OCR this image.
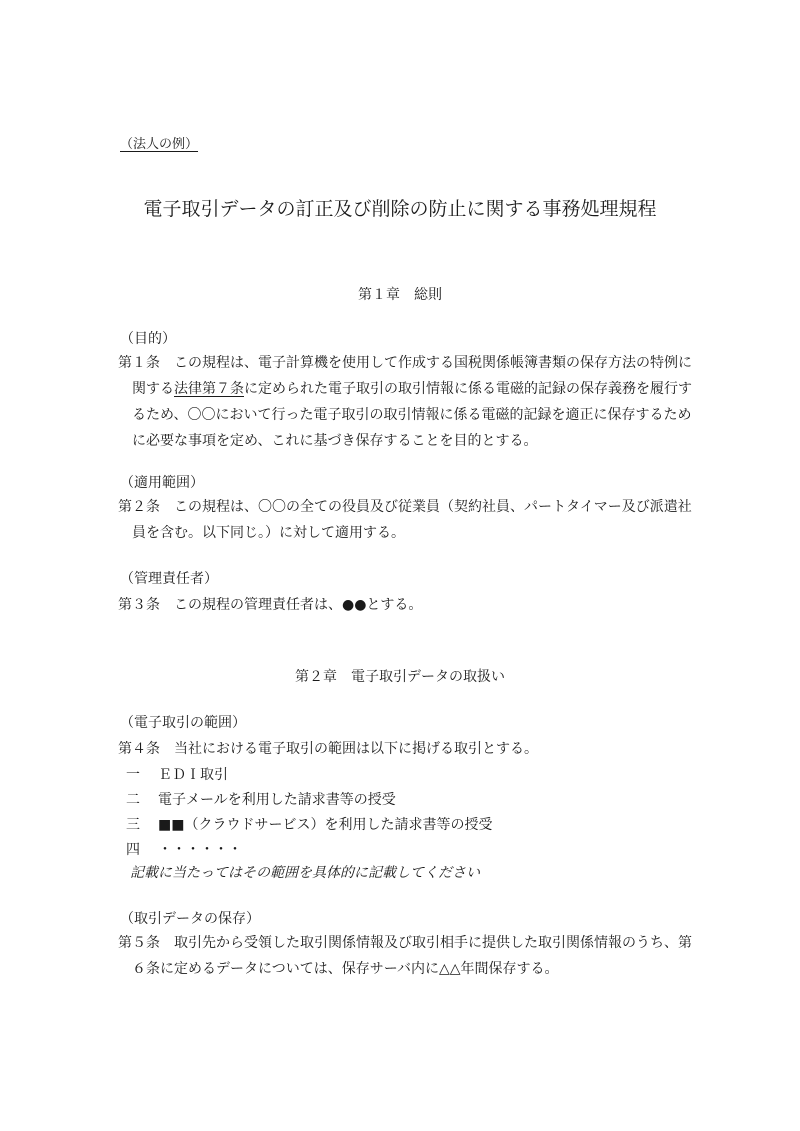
（法人の例）
電子取引データの訂正及び削除の防止に関する事務処理規程
第１章　総則
（目的）
第１条 この規程は、電子計算機を使用して作成する国税関係帳簿書類の保存方法の特例に関する法律第７条に定められた電子取引の取引情報に係る電磁的記録の保存義務を履行するため、〇〇において行った電子取引の取引情報に係る電磁的記録を適正に保存するために必要な事項を定め、これに基づき保存することを目的とする。
（適用範囲）
第２条 この規程は、〇〇の全ての役員及び従業員（契約社員、パートタイマー及び派遣社員を含む。以下同じ。）に対して適用する。
（管理責任者）
第３条 この規程の管理責任者は、●●とする。
第２章　電子取引データの取扱い
（電子取引の範囲）
第４条 当社における電子取引の範囲は以下に掲げる取引とする。
一 ＥＤＩ取引
二 電子メールを利用した請求書等の授受
三 ■■（クラウドサービス）を利用した請求書等の授受
四 ・・・・・・
記載に当たってはその範囲を具体的に記載してください
（取引データの保存）
第５条 取引先から受領した取引関係情報及び取引相手に提供した取引関係情報のうち、第６条に定めるデータについては、保存サーバ内に△△年間保存する。
